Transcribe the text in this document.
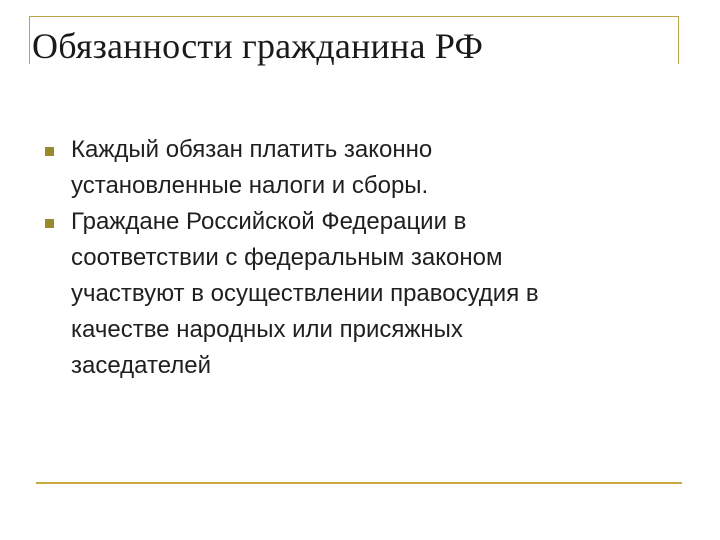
Обязанности гражданина РФ
Каждый обязан платить законно
установленные налоги и сборы.
Граждане Российской Федерации в
соответствии с федеральным законом
участвуют в осуществлении правосудия в
качестве народных или присяжных
заседателей
